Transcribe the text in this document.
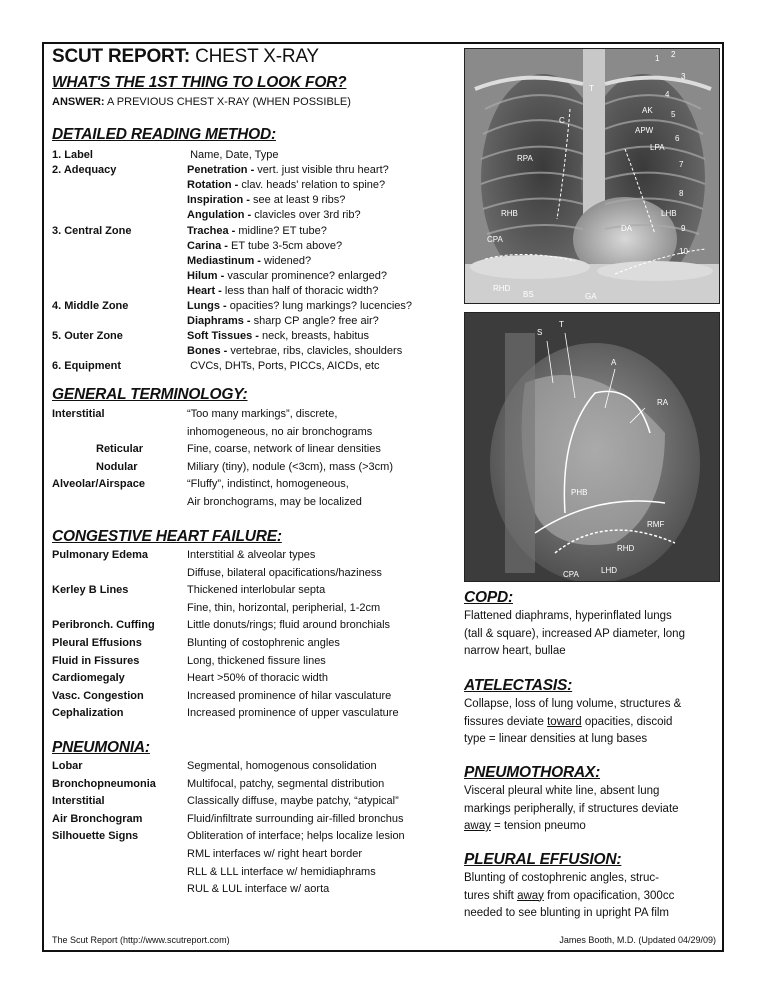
SCUT REPORT: CHEST X-RAY
WHAT'S THE 1ST THING TO LOOK FOR?
ANSWER: A PREVIOUS CHEST X-RAY (WHEN POSSIBLE)
DETAILED READING METHOD:
1. Label	Name, Date, Type
2. Adequacy	Penetration - vert. just visible thru heart?
Rotation - clav. heads' relation to spine?
Inspiration - see at least 9 ribs?
Angulation - clavicles over 3rd rib?
3. Central Zone	Trachea - midline? ET tube?
Carina - ET tube 3-5cm above?
Mediastinum - widened?
Hilum - vascular prominence? enlarged?
Heart - less than half of thoracic width?
4. Middle Zone	Lungs - opacities? lung markings? lucencies?
Diaphrams - sharp CP angle? free air?
5. Outer Zone	Soft Tissues - neck, breasts, habitus
Bones - vertebrae, ribs, clavicles, shoulders
6. Equipment	CVCs, DHTs, Ports, PICCs, AICDs, etc
GENERAL TERMINOLOGY:
Interstitial	“Too many markings”, discrete,
inhomogeneous, no air bronchograms
Reticular	Fine, coarse, network of linear densities
Nodular	Miliary (tiny), nodule (<3cm), mass (>3cm)
Alveolar/Airspace	“Fluffy”, indistinct, homogeneous,
Air bronchograms, may be localized
CONGESTIVE HEART FAILURE:
Pulmonary Edema	Interstitial & alveolar types
Diffuse, bilateral opacifications/haziness
Kerley B Lines	Thickened interlobular septa
Fine, thin, horizontal, peripherial, 1-2cm
Peribronch. Cuffing	Little donuts/rings; fluid around bronchials
Pleural Effusions	Blunting of costophrenic angles
Fluid in Fissures	Long, thickened fissure lines
Cardiomegaly	Heart >50% of thoracic width
Vasc. Congestion	Increased prominence of hilar vasculature
Cephalization	Increased prominence of upper vasculature
PNEUMONIA:
Lobar	Segmental, homogenous consolidation
Bronchopneumonia	Multifocal, patchy, segmental distribution
Interstitial	Classically diffuse, maybe patchy, “atypical”
Air Bronchogram	Fluid/infiltrate surrounding air-filled bronchus
Silhouette Signs	Obliteration of interface; helps localize lesion
RML interfaces w/ right heart border
RLL & LLL interface w/ hemidiaphrams
RUL & LUL interface w/ aorta
T
C
AK
APW
LPA
RPA
RHB	LHB
CPA
DA
RHD
BS	GA
1 2
3
4
5
6
7
8
9
10
S
T
A
RA
PHB
RMF
RHD
CPA	LHD
COPD:
Flattened diaphrams, hyperinflated lungs
(tall & square), increased AP diameter, long
narrow heart, bullae
ATELECTASIS:
Collapse, loss of lung volume, structures &
fissures deviate toward opacities, discoid
type = linear densities at lung bases
PNEUMOTHORAX:
Visceral pleural white line, absent lung
markings peripherally, if structures deviate
away = tension pneumo
PLEURAL EFFUSION:
Blunting of costophrenic angles, struc-
tures shift away from opacification, 300cc
needed to see blunting in upright PA film
The Scut Report (http://www.scutreport.com)	James Booth, M.D. (Updated 04/29/09)
